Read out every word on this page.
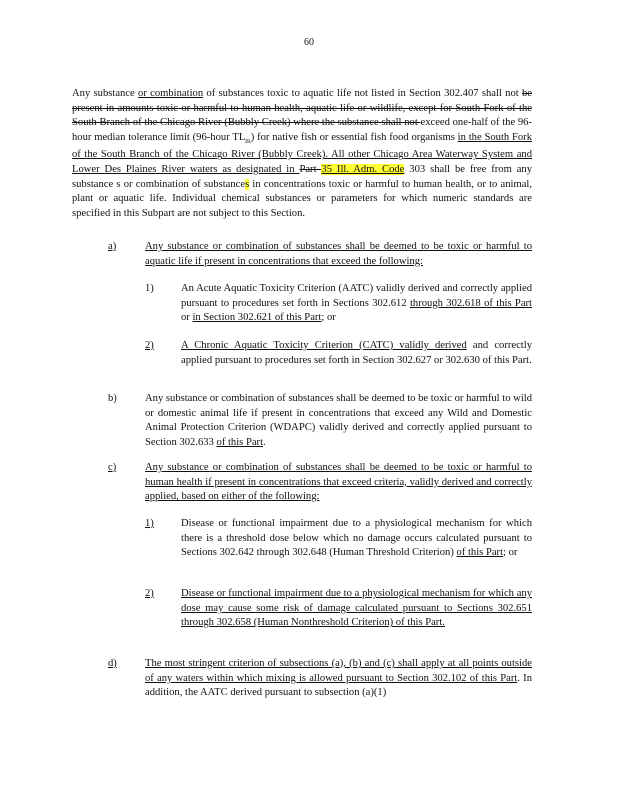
60

Any substance or combination of substances toxic to aquatic life not listed in Section 302.407 shall not be present in amounts toxic or harmful to human health, aquatic life or wildlife, except for South Fork of the South Branch of the Chicago River (Bubbly Creek) where the substance shall not exceed one-half of the 96-hour median tolerance limit (96-hour $TL_m$) for native fish or essential fish food organisms in the South Fork of the South Branch of the Chicago River (Bubbly Creek). All other Chicago Area Waterway System and Lower Des Plaines River waters as designated in Part 35 Ill. Adm. Code 303 shall be free from any substance s or combination of substances in concentrations toxic or harmful to human health, or to animal, plant or aquatic life. Individual chemical substances or parameters for which numeric standards are specified in this Subpart are not subject to this Section.

a)	Any substance or combination of substances shall be deemed to be toxic or harmful to aquatic life if present in concentrations that exceed the following:

1)	An Acute Aquatic Toxicity Criterion (AATC) validly derived and correctly applied pursuant to procedures set forth in Sections 302.612 through 302.618 of this Part or in Section 302.621 of this Part; or

2)	A Chronic Aquatic Toxicity Criterion (CATC) validly derived and correctly applied pursuant to procedures set forth in Section 302.627 or 302.630 of this Part.

b)	Any substance or combination of substances shall be deemed to be toxic or harmful to wild or domestic animal life if present in concentrations that exceed any Wild and Domestic Animal Protection Criterion (WDAPC) validly derived and correctly applied pursuant to Section 302.633 of this Part.

c)	Any substance or combination of substances shall be deemed to be toxic or harmful to human health if present in concentrations that exceed criteria, validly derived and correctly applied, based on either of the following:

1)	Disease or functional impairment due to a physiological mechanism for which there is a threshold dose below which no damage occurs calculated pursuant to Sections 302.642 through 302.648 (Human Threshold Criterion) of this Part; or

2)	Disease or functional impairment due to a physiological mechanism for which any dose may cause some risk of damage calculated pursuant to Sections 302.651 through 302.658 (Human Nonthreshold Criterion) of this Part.

d)	The most stringent criterion of subsections (a), (b) and (c) shall apply at all points outside of any waters within which mixing is allowed pursuant to Section 302.102 of this Part. In addition, the AATC derived pursuant to subsection (a)(1)
